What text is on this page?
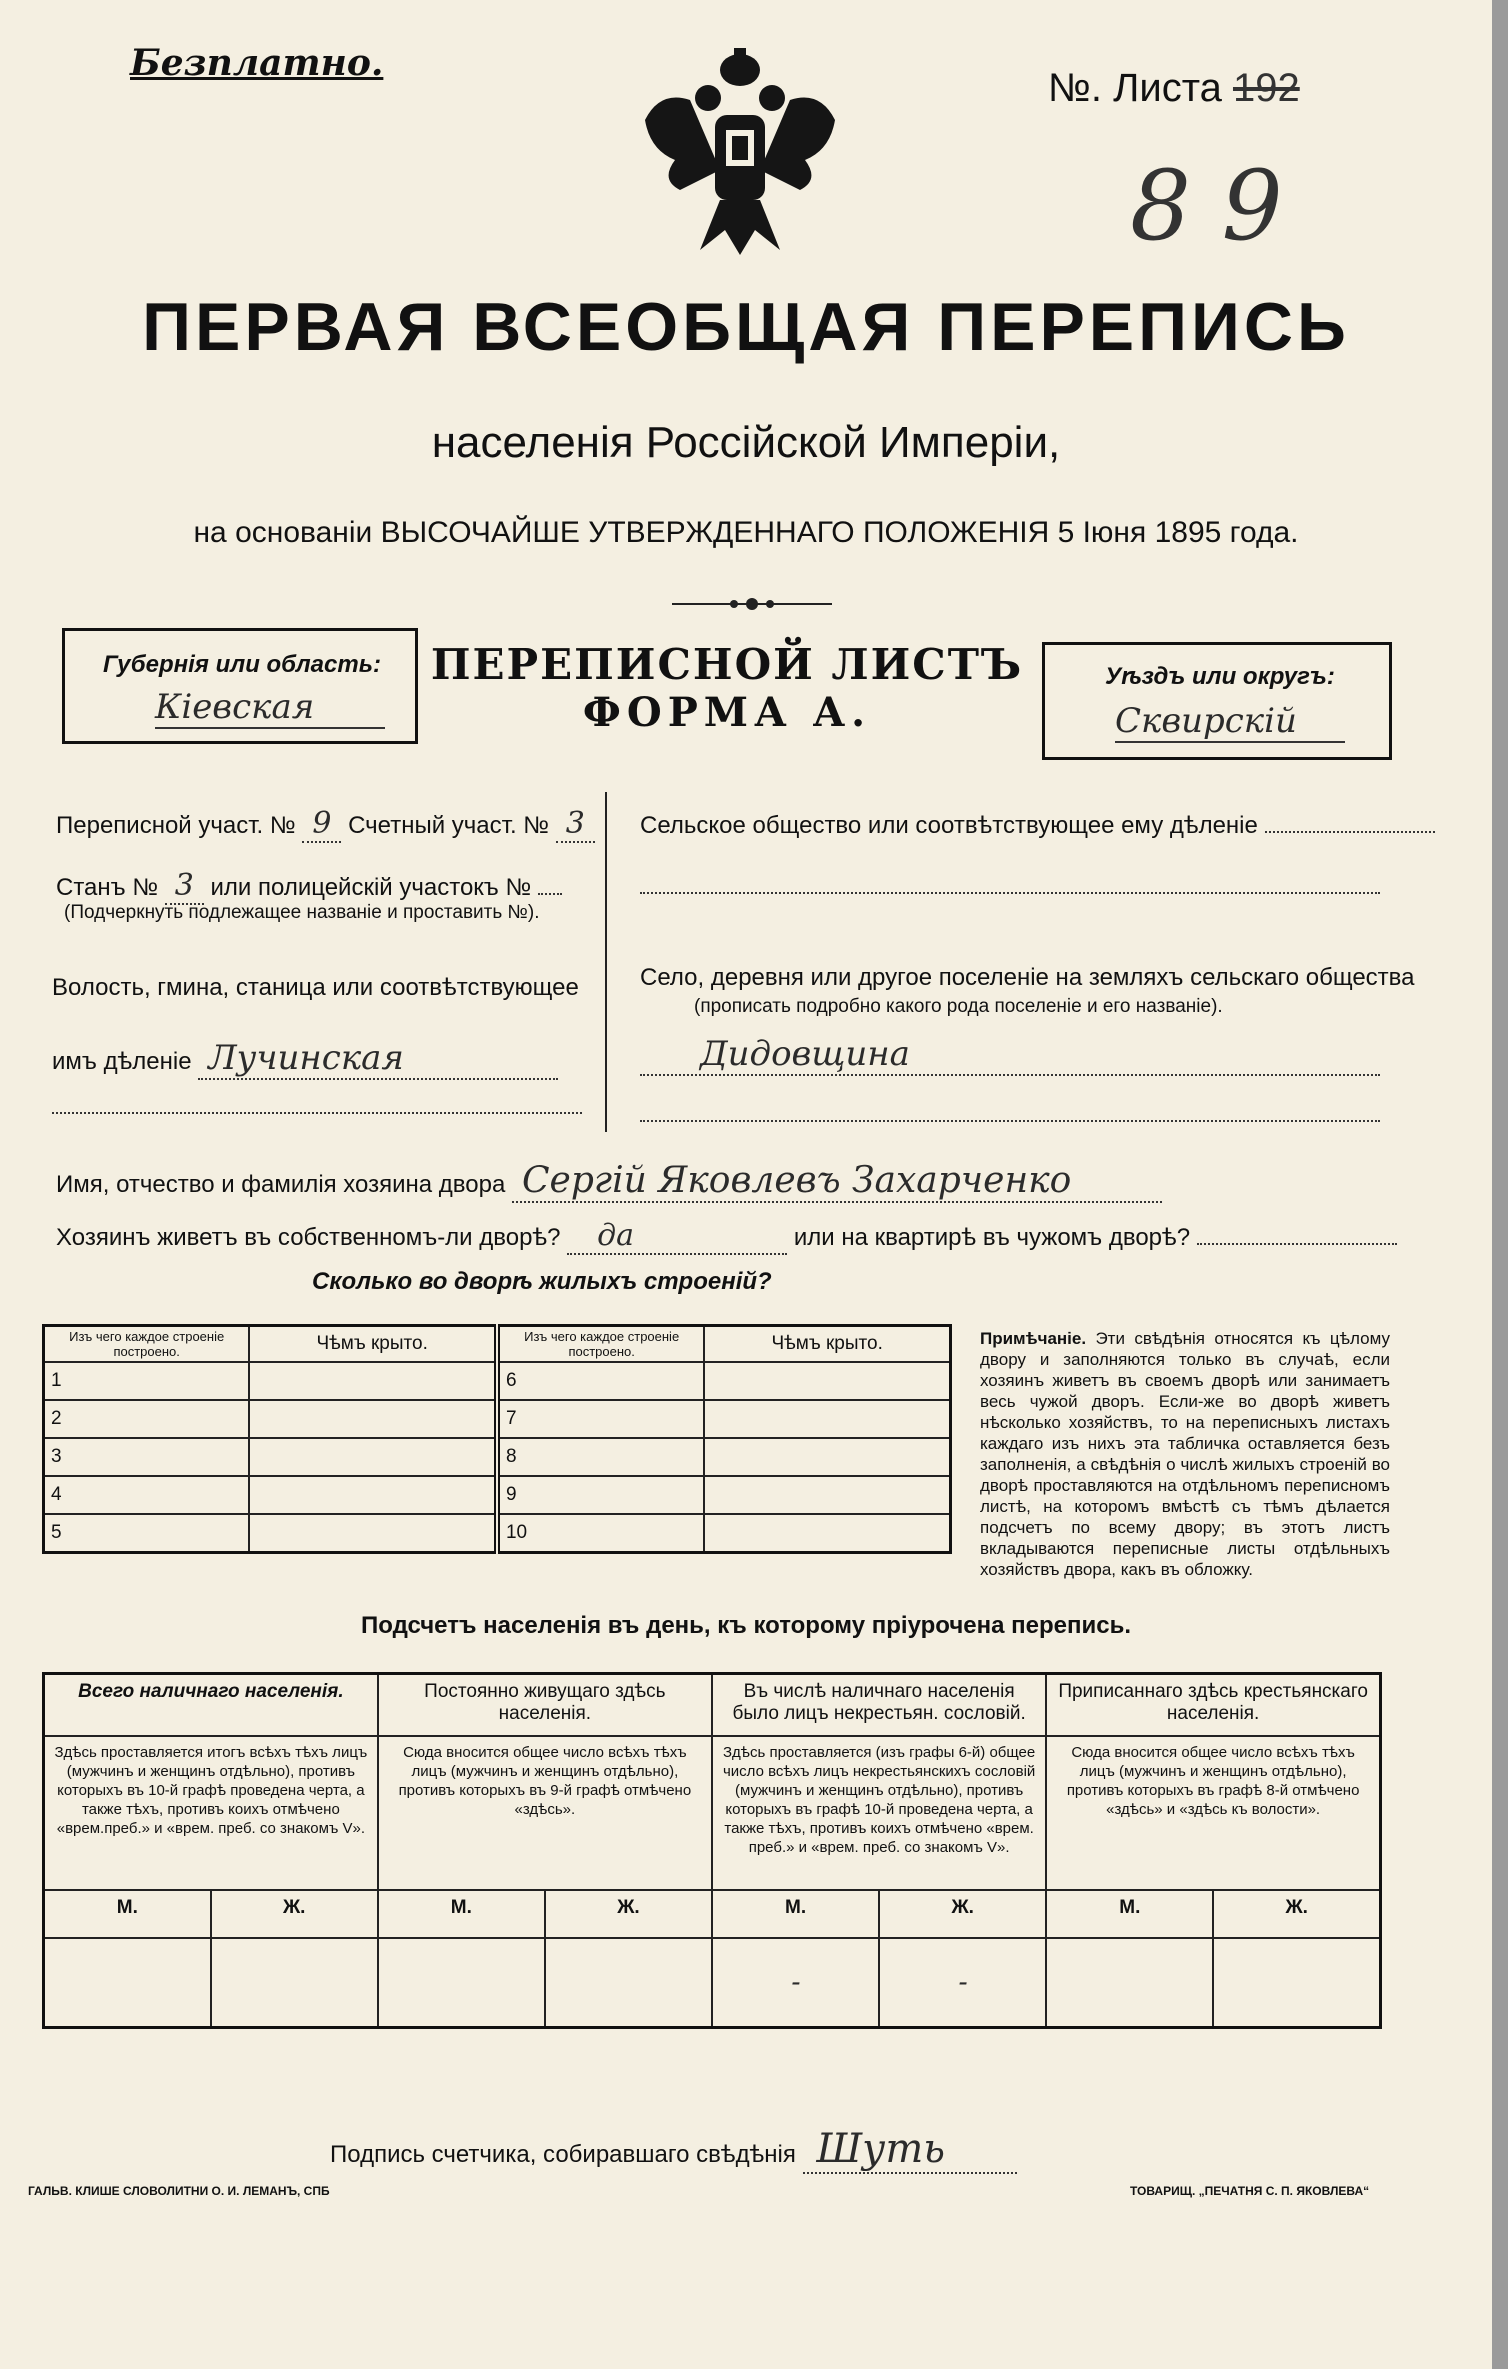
Безплатно.
№. Листа 192
8 9
ПЕРВАЯ ВСЕОБЩАЯ ПЕРЕПИСЬ
населенія Россійской Имперіи,
на основаніи ВЫСОЧАЙШЕ УТВЕРЖДЕННАГО ПОЛОЖЕНІЯ 5 Іюня 1895 года.
Губернія или область:
Кіевская
ПЕРЕПИСНОЙ ЛИСТЪ
ФОРМА А.
Уѣздъ или округъ:
Сквирскій
Переписной участ. № 9 Счетный участ. № 3
Станъ № 3 или полицейскій участокъ №
(Подчеркнуть подлежащее названіе и проставить №).
Волость, гмина, станица или соотвѣтствующее
имъ дѣленіе Лучинская
Сельское общество или соотвѣтствующее ему дѣленіе
Село, деревня или другое поселеніе на земляхъ сельскаго общества
(прописать подробно какого рода поселеніе и его названіе).
Дидовщина
Имя, отчество и фамилія хозяина двора Сергій Яковлевъ Захарченко
Хозяинъ живетъ въ собственномъ-ли дворѣ? да	или на квартирѣ въ чужомъ дворѣ?
Сколько во дворѣ жилыхъ строеній?
Изъ чего каждое строеніе построено.	Чѣмъ крыто.	Изъ чего каждое строеніе построено.	Чѣмъ крыто.
1		6	
2		7	
3		8	
4		9	
5		10	
Примѣчаніе. Эти свѣдѣнія относятся къ цѣлому двору и заполняются только въ случаѣ, если хозяинъ живетъ въ своемъ дворѣ или занимаетъ весь чужой дворъ. Если-же во дворѣ живетъ нѣсколько хозяйствъ, то на переписныхъ листахъ каждаго изъ нихъ эта табличка оставляется безъ заполненія, а свѣдѣнія о числѣ жилыхъ строеній во дворѣ проставляются на отдѣльномъ переписномъ листѣ, на которомъ вмѣстѣ съ тѣмъ дѣлается подсчетъ по всему двору; въ этотъ листъ вкладываются переписные листы отдѣльныхъ хозяйствъ двора, какъ въ обложку.
Подсчетъ населенія въ день, къ которому пріурочена перепись.
Всего наличнаго населенія.		Постоянно живущаго здѣсь населенія.		Въ числѣ наличнаго населенія было лицъ некрестьян. сословій.		Приписаннаго здѣсь крестьянскаго населенія.	
Здѣсь проставляется итогъ всѣхъ тѣхъ лицъ (мужчинъ и женщинъ отдѣльно), противъ которыхъ въ 10-й графѣ проведена черта, а также тѣхъ, противъ коихъ отмѣчено «врем.преб.» и «врем. преб. со знакомъ V».		Сюда вносится общее число всѣхъ тѣхъ лицъ (мужчинъ и женщинъ отдѣльно), противъ которыхъ въ 9-й графѣ отмѣчено «здѣсь».		Здѣсь проставляется (изъ графы 6-й) общее число всѣхъ лицъ некрестьянскихъ сословій (мужчинъ и женщинъ отдѣльно), противъ которыхъ въ графѣ 10-й проведена черта, а также тѣхъ, противъ коихъ отмѣчено «врем. преб.» и «врем. преб. со знакомъ V».		Сюда вносится общее число всѣхъ тѣхъ лицъ (мужчинъ и женщинъ отдѣльно), противъ которыхъ въ графѣ 8-й отмѣчено «здѣсь» и «здѣсь къ волости».	
М.	Ж.	М.	Ж.	М.	Ж.	М.	Ж.
				-	-		
Подпись счетчика, собиравшаго свѣдѣнія Шуть
ГАЛЬВ. КЛИШЕ СЛОВОЛИТНИ О. И. ЛЕМАНЪ, СПБ	ТОВАРИЩ. „ПЕЧАТНЯ С. П. ЯКОВЛЕВА“
